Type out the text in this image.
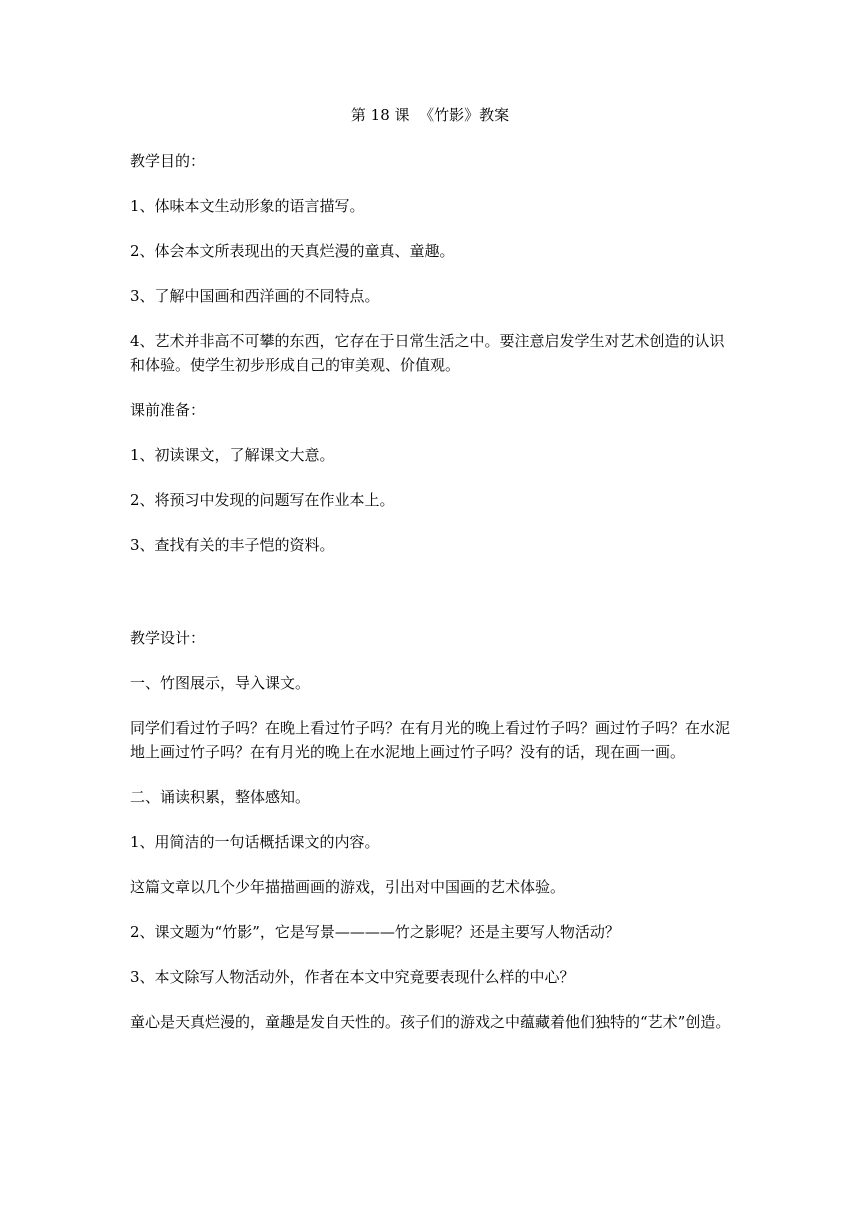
第 18 课  《竹影》教案

教学目的：

1、体味本文生动形象的语言描写。

2、体会本文所表现出的天真烂漫的童真、童趣。

3、了解中国画和西洋画的不同特点。

4、艺术并非高不可攀的东西，它存在于日常生活之中。要注意启发学生对艺术创造的认识和体验。使学生初步形成自己的审美观、价值观。

课前准备：

1、初读课文，了解课文大意。

2、将预习中发现的问题写在作业本上。

3、查找有关的丰子恺的资料。

教学设计：

一、竹图展示，导入课文。

同学们看过竹子吗？在晚上看过竹子吗？在有月光的晚上看过竹子吗？画过竹子吗？在水泥地上画过竹子吗？在有月光的晚上在水泥地上画过竹子吗？没有的话，现在画一画。

二、诵读积累，整体感知。

1、用简洁的一句话概括课文的内容。

这篇文章以几个少年描描画画的游戏，引出对中国画的艺术体验。

2、课文题为“竹影”，它是写景————竹之影呢？还是主要写人物活动？

3、本文除写人物活动外，作者在本文中究竟要表现什么样的中心？

童心是天真烂漫的，童趣是发自天性的。孩子们的游戏之中蕴藏着他们独特的“艺术”创造。
